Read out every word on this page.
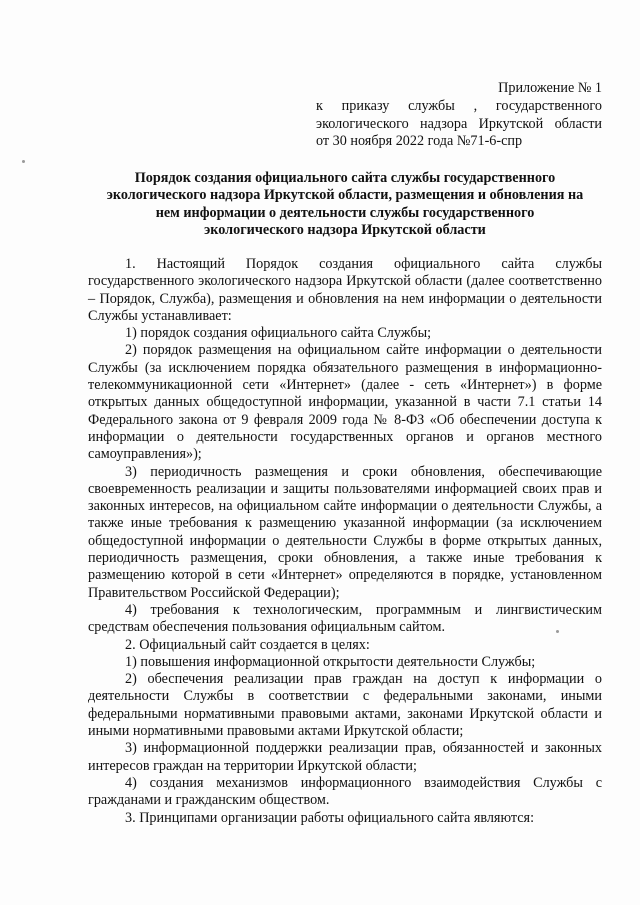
Приложение № 1
к приказу службы , государственного
экологического надзора Иркутской области
от 30 ноября 2022 года №71-6-спр
Порядок создания официального сайта службы государственного
экологического надзора Иркутской области, размещения и обновления на
нем информации о деятельности службы государственного
экологического надзора Иркутской области

1. Настоящий Порядок создания официального сайта службы государственного экологического надзора Иркутской области (далее соответственно – Порядок, Служба), размещения и обновления на нем информации о деятельности Службы устанавливает:

1) порядок создания официального сайта Службы;

2) порядок размещения на официальном сайте информации о деятельности Службы (за исключением порядка обязательного размещения в информационно-телекоммуникационной сети «Интернет» (далее - сеть «Интернет») в форме открытых данных общедоступной информации, указанной в части 7.1 статьи 14 Федерального закона от 9 февраля 2009 года № 8-ФЗ «Об обеспечении доступа к информации о деятельности государственных органов и органов местного самоуправления»);

3) периодичность размещения и сроки обновления, обеспечивающие своевременность реализации и защиты пользователями информацией своих прав и законных интересов, на официальном сайте информации о деятельности Службы, а также иные требования к размещению указанной информации (за исключением общедоступной информации о деятельности Службы в форме открытых данных, периодичность размещения, сроки обновления, а также иные требования к размещению которой в сети «Интернет» определяются в порядке, установленном Правительством Российской Федерации);

4) требования к технологическим, программным и лингвистическим средствам обеспечения пользования официальным сайтом.

2. Официальный сайт создается в целях:

1) повышения информационной открытости деятельности Службы;

2) обеспечения реализации прав граждан на доступ к информации о деятельности Службы в соответствии с федеральными законами, иными федеральными нормативными правовыми актами, законами Иркутской области и иными нормативными правовыми актами Иркутской области;

3) информационной поддержки реализации прав, обязанностей и законных интересов граждан на территории Иркутской области;

4) создания механизмов информационного взаимодействия Службы с гражданами и гражданским обществом.

3. Принципами организации работы официального сайта являются:
